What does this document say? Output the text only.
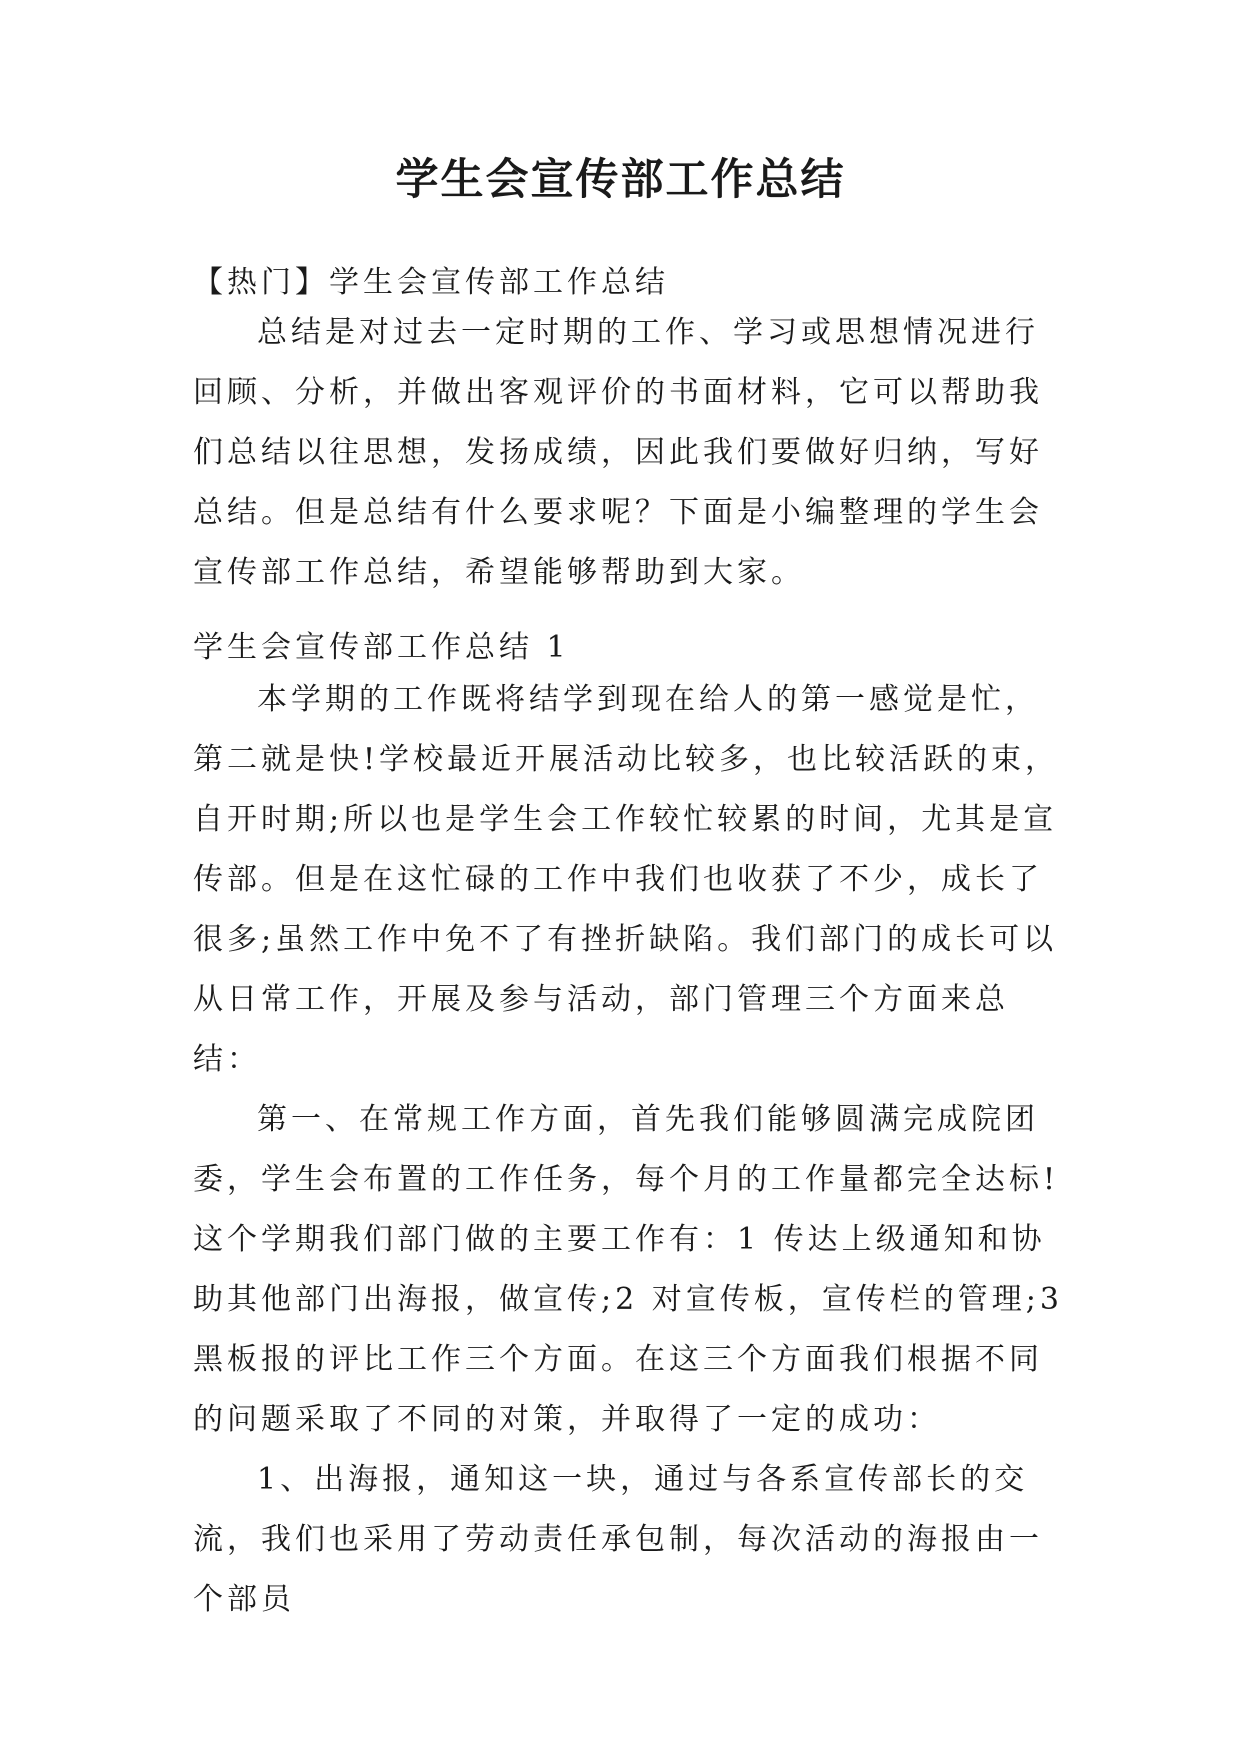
学生会宣传部工作总结
【热门】学生会宣传部工作总结

总结是对过去一定时期的工作、学习或思想情况进行回顾、分析，并做出客观评价的书面材料，它可以帮助我们总结以往思想，发扬成绩，因此我们要做好归纳，写好总结。但是总结有什么要求呢？下面是小编整理的学生会宣传部工作总结，希望能够帮助到大家。

学生会宣传部工作总结 1

本学期的工作既将结学到现在给人的第一感觉是忙，第二就是快!学校最近开展活动比较多，也比较活跃的束，自开时期;所以也是学生会工作较忙较累的时间，尤其是宣传部。但是在这忙碌的工作中我们也收获了不少，成长了很多;虽然工作中免不了有挫折缺陷。我们部门的成长可以从日常工作，开展及参与活动，部门管理三个方面来总结：

第一、在常规工作方面，首先我们能够圆满完成院团委，学生会布置的工作任务，每个月的工作量都完全达标!这个学期我们部门做的主要工作有：1 传达上级通知和协助其他部门出海报，做宣传;2 对宣传板，宣传栏的管理;3 黑板报的评比工作三个方面。在这三个方面我们根据不同的问题采取了不同的对策，并取得了一定的成功：

1、出海报，通知这一块，通过与各系宣传部长的交流，我们也采用了劳动责任承包制，每次活动的海报由一个部员
